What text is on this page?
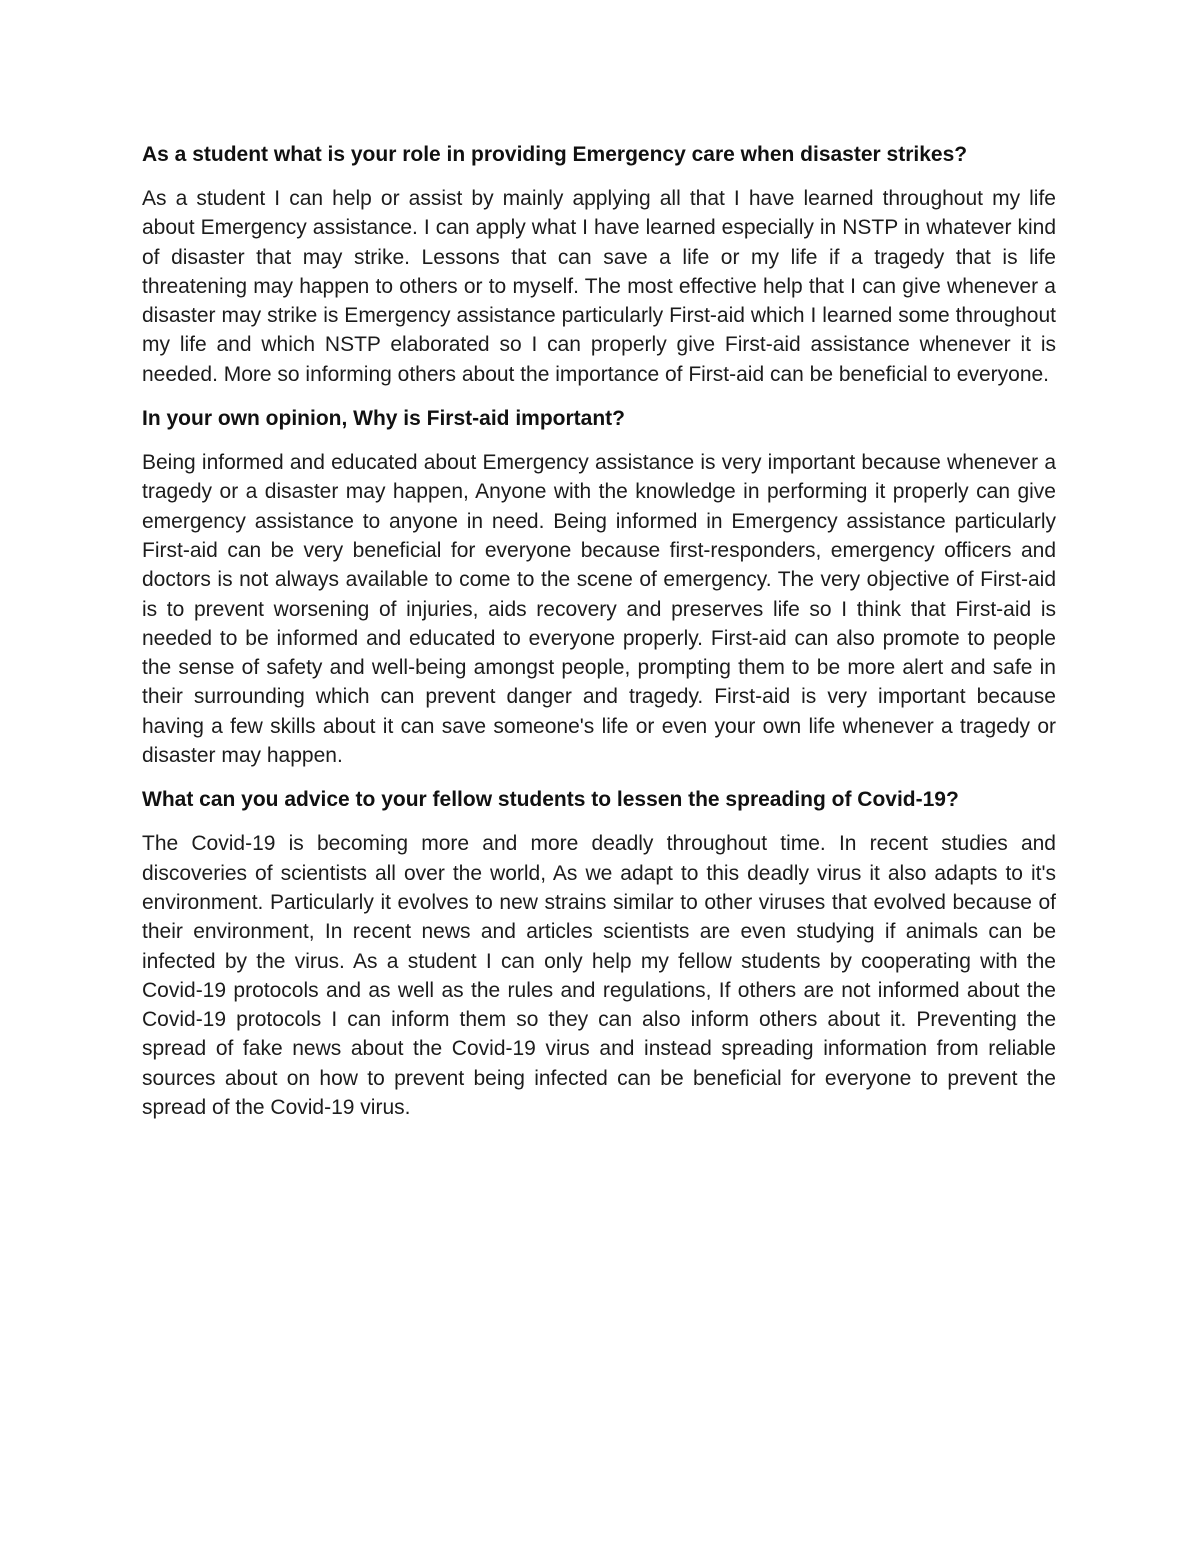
As a student what is your role in providing Emergency care when disaster strikes?

As a student I can help or assist by mainly applying all that I have learned throughout my life about Emergency assistance. I can apply what I have learned especially in NSTP in whatever kind of disaster that may strike. Lessons that can save a life or my life if a tragedy that is life threatening may happen to others or to myself. The most effective help that I can give whenever a disaster may strike is Emergency assistance particularly First-aid which I learned some throughout my life and which NSTP elaborated so I can properly give First-aid assistance whenever it is needed. More so informing others about the importance of First-aid can be beneficial to everyone.

In your own opinion, Why is First-aid important?

Being informed and educated about Emergency assistance is very important because whenever a tragedy or a disaster may happen, Anyone with the knowledge in performing it properly can give emergency assistance to anyone in need. Being informed in Emergency assistance particularly First-aid can be very beneficial for everyone because first-responders, emergency officers and doctors is not always available to come to the scene of emergency. The very objective of First-aid is to prevent worsening of injuries, aids recovery and preserves life so I think that First-aid is needed to be informed and educated to everyone properly. First-aid can also promote to people the sense of safety and well-being amongst people, prompting them to be more alert and safe in their surrounding which can prevent danger and tragedy. First-aid is very important because having a few skills about it can save someone's life or even your own life whenever a tragedy or disaster may happen.

What can you advice to your fellow students to lessen the spreading of Covid-19?

The Covid-19 is becoming more and more deadly throughout time. In recent studies and discoveries of scientists all over the world, As we adapt to this deadly virus it also adapts to it's environment. Particularly it evolves to new strains similar to other viruses that evolved because of their environment, In recent news and articles scientists are even studying if animals can be infected by the virus. As a student I can only help my fellow students by cooperating with the Covid-19 protocols and as well as the rules and regulations, If others are not informed about the Covid-19 protocols I can inform them so they can also inform others about it. Preventing the spread of fake news about the Covid-19 virus and instead spreading information from reliable sources about on how to prevent being infected can be beneficial for everyone to prevent the spread of the Covid-19 virus.
